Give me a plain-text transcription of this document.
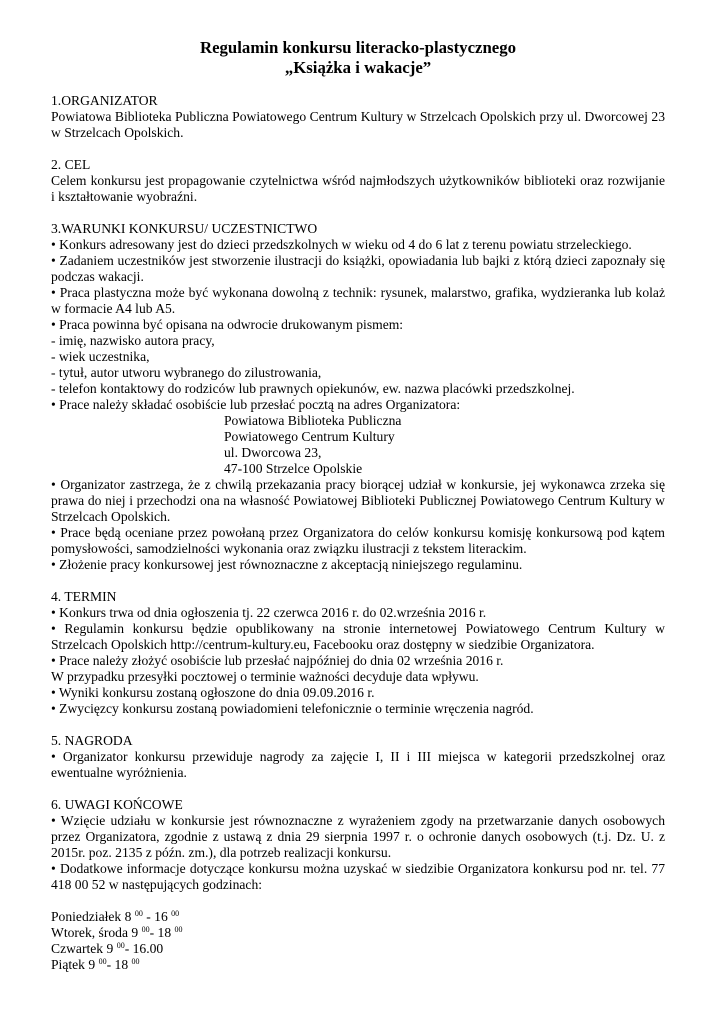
Regulamin konkursu literacko-plastycznego
„Książka i wakacje”
1.ORGANIZATOR
Powiatowa Biblioteka Publiczna Powiatowego Centrum Kultury w Strzelcach Opolskich przy ul. Dworcowej 23 w Strzelcach Opolskich.
2. CEL
Celem konkursu jest propagowanie czytelnictwa wśród najmłodszych użytkowników biblioteki oraz rozwijanie i kształtowanie wyobraźni.
3.WARUNKI KONKURSU/ UCZESTNICTWO
• Konkurs adresowany jest do dzieci przedszkolnych w wieku od 4 do 6 lat z terenu powiatu strzeleckiego.
• Zadaniem uczestników jest stworzenie ilustracji do książki, opowiadania lub bajki z którą dzieci zapoznały się podczas wakacji.
• Praca plastyczna może być wykonana dowolną z technik: rysunek, malarstwo, grafika, wydzieranka lub kolaż w formacie A4 lub A5.
• Praca powinna być opisana na odwrocie drukowanym pismem:
- imię, nazwisko autora pracy,
- wiek uczestnika,
- tytuł, autor utworu wybranego do zilustrowania,
- telefon kontaktowy do rodziców lub prawnych opiekunów, ew. nazwa placówki przedszkolnej.
• Prace należy składać osobiście lub przesłać pocztą na adres Organizatora:
Powiatowa Biblioteka Publiczna
Powiatowego Centrum Kultury
ul. Dworcowa 23,
47-100 Strzelce Opolskie
• Organizator zastrzega, że z chwilą przekazania pracy biorącej udział w konkursie, jej wykonawca zrzeka się prawa do niej i przechodzi ona na własność Powiatowej Biblioteki Publicznej Powiatowego Centrum Kultury w Strzelcach Opolskich.
• Prace będą oceniane przez powołaną przez Organizatora do celów konkursu komisję konkursową pod kątem pomysłowości, samodzielności wykonania oraz związku ilustracji z tekstem literackim.
• Złożenie pracy konkursowej jest równoznaczne z akceptacją niniejszego regulaminu.
4. TERMIN
• Konkurs trwa od dnia ogłoszenia tj. 22 czerwca 2016 r. do 02.września 2016 r.
• Regulamin konkursu będzie opublikowany na stronie internetowej Powiatowego Centrum Kultury w Strzelcach Opolskich http://centrum-kultury.eu, Facebooku oraz dostępny w siedzibie Organizatora.
• Prace należy złożyć osobiście lub przesłać najpóźniej do dnia 02 września 2016 r.
W przypadku przesyłki pocztowej o terminie ważności decyduje data wpływu.
• Wyniki konkursu zostaną ogłoszone do dnia 09.09.2016 r.
• Zwycięzcy konkursu zostaną powiadomieni telefonicznie o terminie wręczenia nagród.
5. NAGRODA
• Organizator konkursu przewiduje nagrody za zajęcie I, II i III miejsca w kategorii przedszkolnej oraz ewentualne wyróżnienia.
6. UWAGI KOŃCOWE
• Wzięcie udziału w konkursie jest równoznaczne z wyrażeniem zgody na przetwarzanie danych osobowych przez Organizatora, zgodnie z ustawą z dnia 29 sierpnia 1997 r. o ochronie danych osobowych (t.j. Dz. U. z 2015r. poz. 2135 z późn. zm.), dla potrzeb realizacji konkursu.
• Dodatkowe informacje dotyczące konkursu można uzyskać w siedzibie Organizatora konkursu pod nr. tel. 77 418 00 52 w następujących godzinach:
Poniedziałek 8 $^{00}$ - 16 $^{00}$
Wtorek, środa 9 $^{00}$- 18 $^{00}$
Czwartek 9 $^{00}$- 16.00
Piątek 9 $^{00}$- 18 $^{00}$
